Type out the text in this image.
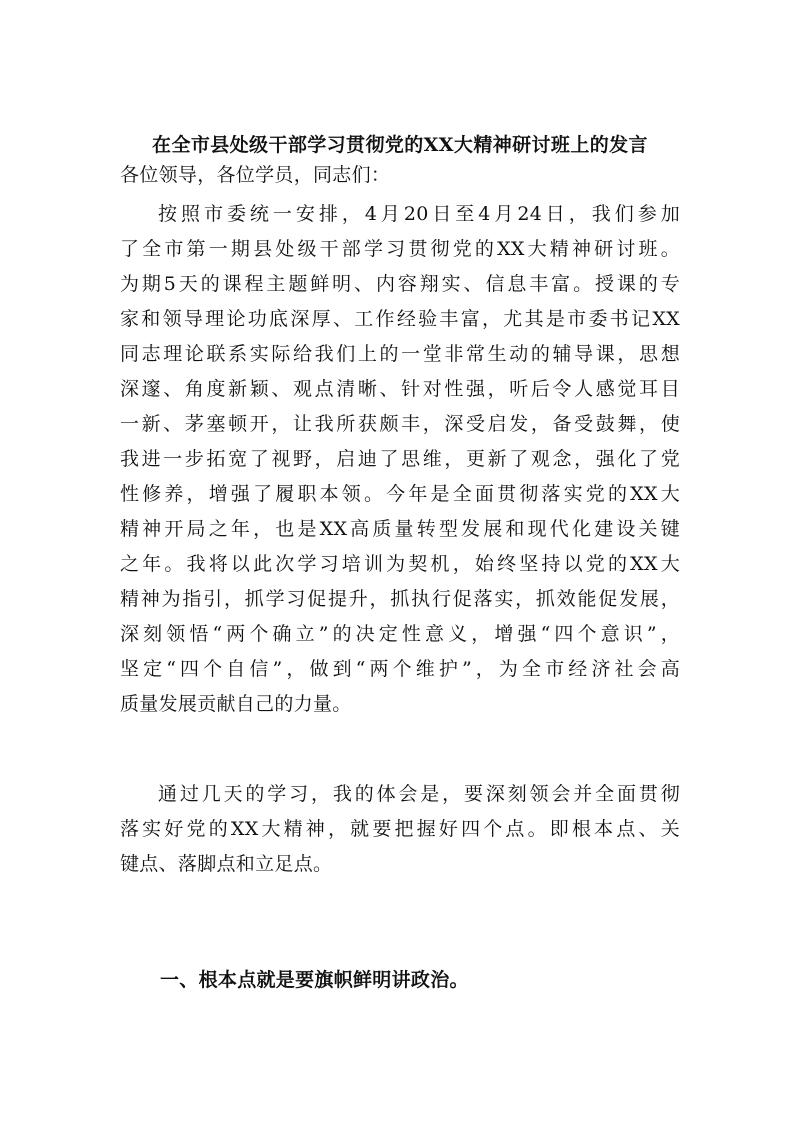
在全市县处级干部学习贯彻党的XX大精神研讨班上的发言

各位领导，各位学员，同志们：

按照市委统一安排，4月20日至4月24日，我们参加
了全市第一期县处级干部学习贯彻党的XX大精神研讨班。
为期5天的课程主题鲜明、内容翔实、信息丰富。授课的专
家和领导理论功底深厚、工作经验丰富，尤其是市委书记XX
同志理论联系实际给我们上的一堂非常生动的辅导课，思想
深邃、角度新颖、观点清晰、针对性强，听后令人感觉耳目
一新、茅塞顿开，让我所获颇丰，深受启发，备受鼓舞，使
我进一步拓宽了视野，启迪了思维，更新了观念，强化了党
性修养，增强了履职本领。今年是全面贯彻落实党的XX大
精神开局之年，也是XX高质量转型发展和现代化建设关键
之年。我将以此次学习培训为契机，始终坚持以党的XX大
精神为指引，抓学习促提升，抓执行促落实，抓效能促发展，
深刻领悟“两个确立”的决定性意义，增强“四个意识”，
坚定“四个自信”，做到“两个维护”，为全市经济社会高
质量发展贡献自己的力量。

通过几天的学习，我的体会是，要深刻领会并全面贯彻
落实好党的XX大精神，就要把握好四个点。即根本点、关
键点、落脚点和立足点。

一、根本点就是要旗帜鲜明讲政治。
